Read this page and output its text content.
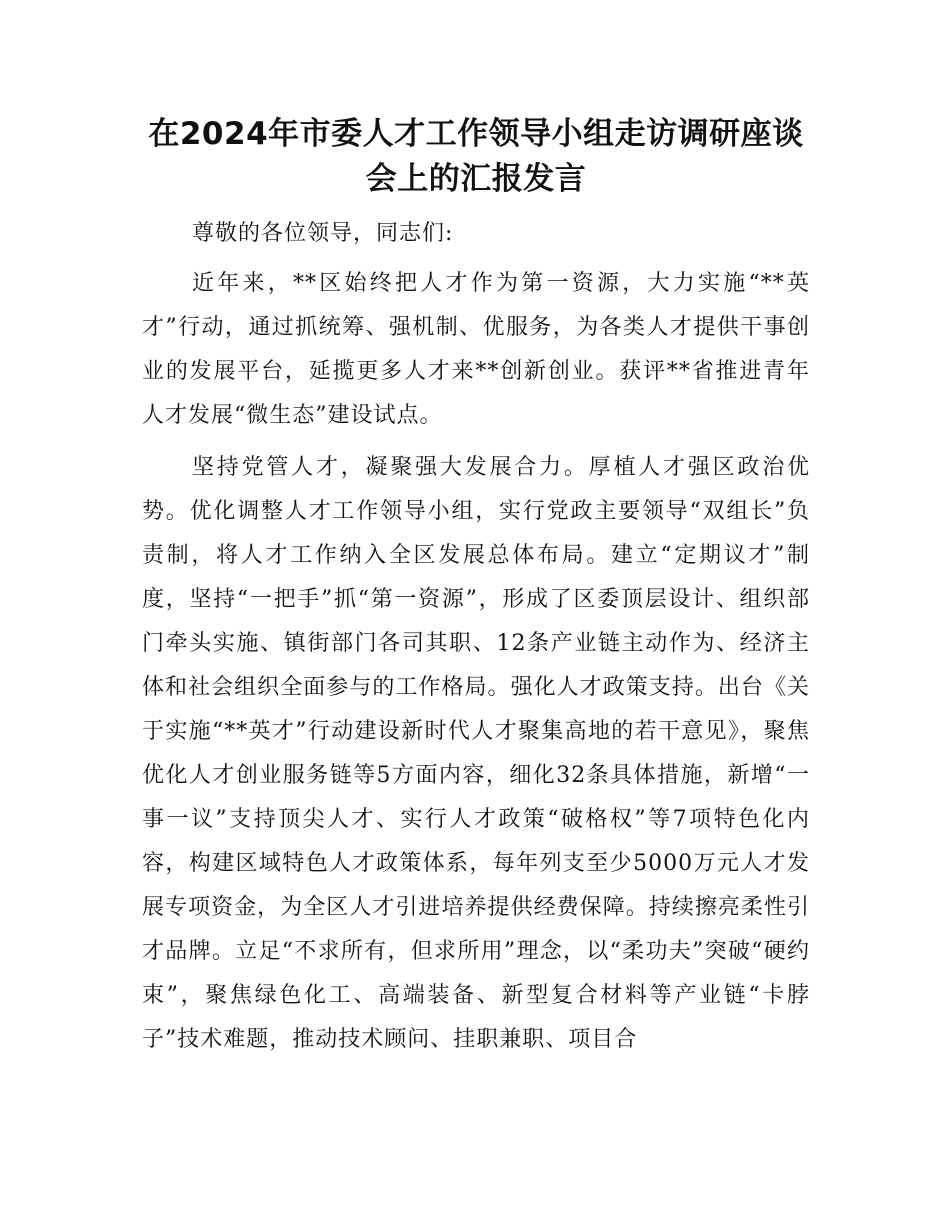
在2024年市委人才工作领导小组走访调研座谈会上的汇报发言

尊敬的各位领导，同志们:

近年来，**区始终把人才作为第一资源，大力实施“**英才”行动，通过抓统筹、强机制、优服务，为各类人才提供干事创业的发展平台，延揽更多人才来**创新创业。获评**省推进青年人才发展“微生态”建设试点。

坚持党管人才，凝聚强大发展合力。厚植人才强区政治优势。优化调整人才工作领导小组，实行党政主要领导“双组长”负责制，将人才工作纳入全区发展总体布局。建立“定期议才”制度，坚持“一把手”抓“第一资源”，形成了区委顶层设计、组织部门牵头实施、镇街部门各司其职、12条产业链主动作为、经济主体和社会组织全面参与的工作格局。强化人才政策支持。出台《关于实施“**英才”行动建设新时代人才聚集高地的若干意见》，聚焦优化人才创业服务链等5方面内容，细化32条具体措施，新增“一事一议”支持顶尖人才、实行人才政策“破格权”等7项特色化内容，构建区域特色人才政策体系，每年列支至少5000万元人才发展专项资金，为全区人才引进培养提供经费保障。持续擦亮柔性引才品牌。立足“不求所有，但求所用”理念，以“柔功夫”突破“硬约束”，聚焦绿色化工、高端装备、新型复合材料等产业链“卡脖子”技术难题，推动技术顾问、挂职兼职、项目合
